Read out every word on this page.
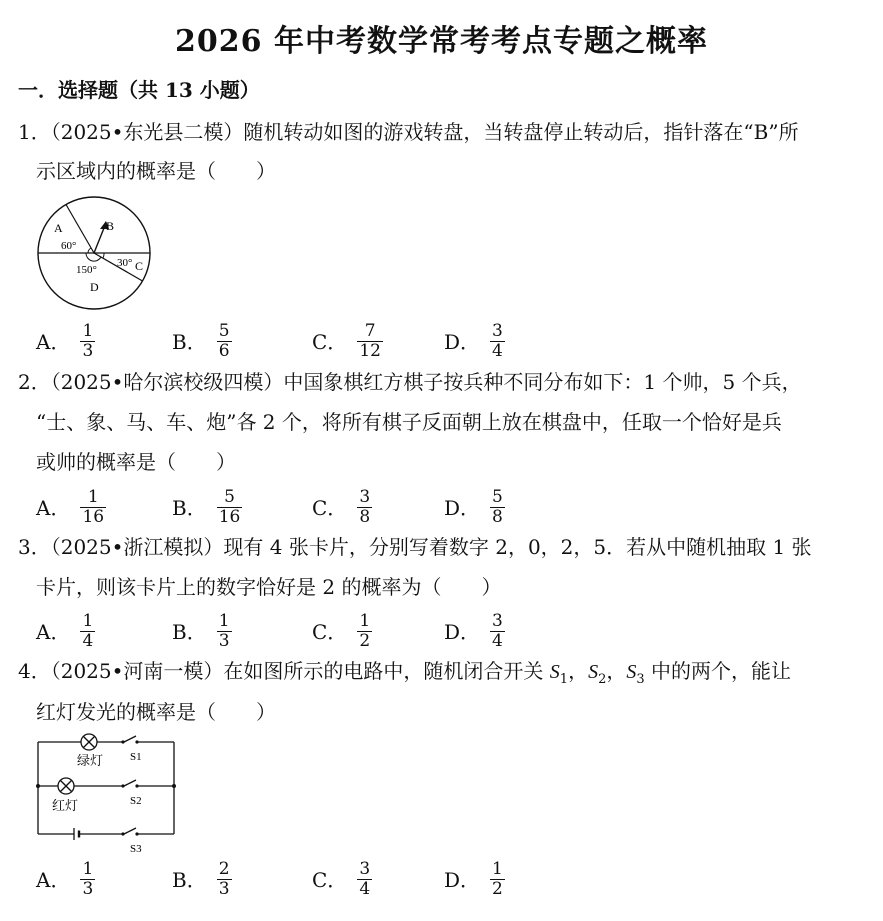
2026 年中考数学常考考点专题之概率
一．选择题（共 13 小题）
1．（2025•东光县二模）随机转动如图的游戏转盘，当转盘停止转动后，指针落在“B”所
示区域内的概率是（　　）
A	B
C
D
60°
150°
30°
A． $\frac{1}{3}$	B． $\frac{5}{6}$	C． $\frac{7}{12}$	D． $\frac{3}{4}$
2．（2025•哈尔滨校级四模）中国象棋红方棋子按兵种不同分布如下：1 个帅，5 个兵，
“士、象、马、车、炮”各 2 个，将所有棋子反面朝上放在棋盘中，任取一个恰好是兵
或帅的概率是（　　）
A． $\frac{1}{16}$	B． $\frac{5}{16}$	C． $\frac{3}{8}$	D． $\frac{5}{8}$
3．（2025•浙江模拟）现有 4 张卡片，分别写着数字 2，0，2，5．若从中随机抽取 1 张
卡片，则该卡片上的数字恰好是 2 的概率为（　　）
A． $\frac{1}{4}$	B． $\frac{1}{3}$	C． $\frac{1}{2}$	D． $\frac{3}{4}$
4．（2025•河南一模）在如图所示的电路中，随机闭合开关 $S_1$，$S_2$，$S_3$ 中的两个，能让
红灯发光的概率是（　　）
绿灯
红灯
S1
S2
S3
A． $\frac{1}{3}$	B． $\frac{2}{3}$	C． $\frac{3}{4}$	D． $\frac{1}{2}$
